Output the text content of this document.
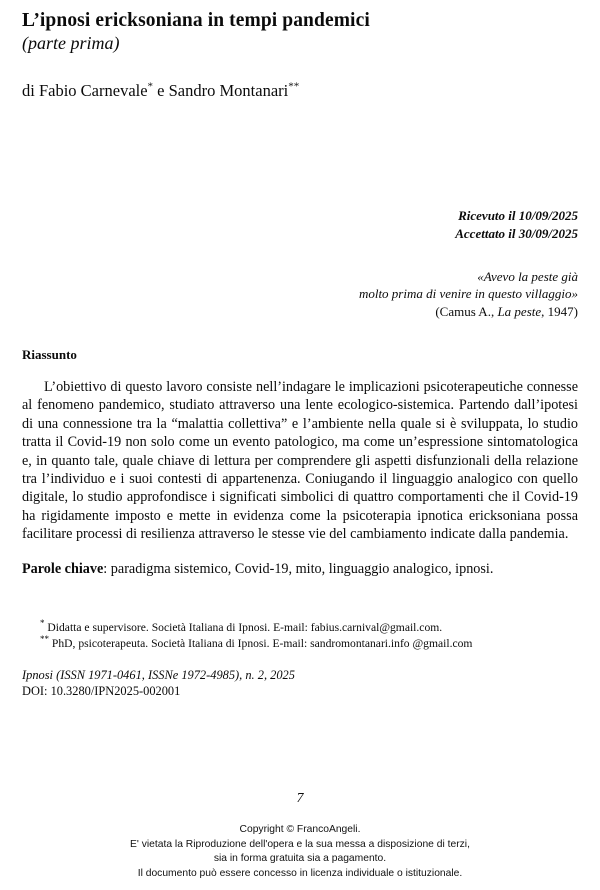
L’ipnosi ericksoniana in tempi pandemici
(parte prima)
di Fabio Carnevale* e Sandro Montanari**
Ricevuto il 10/09/2025
Accettato il 30/09/2025
«Avevo la peste già
molto prima di venire in questo villaggio»
(Camus A., La peste, 1947)
Riassunto

L’obiettivo di questo lavoro consiste nell’indagare le implicazioni psicoterapeutiche connesse al fenomeno pandemico, studiato attraverso una lente ecologico-sistemica. Partendo dall’ipotesi di una connessione tra la “malattia collettiva” e l’ambiente nella quale si è sviluppata, lo studio tratta il Covid-19 non solo come un evento patologico, ma come un’espressione sintomatologica e, in quanto tale, quale chiave di lettura per comprendere gli aspetti disfunzionali della relazione tra l’individuo e i suoi contesti di appartenenza. Coniugando il linguaggio analogico con quello digitale, lo studio approfondisce i significati simbolici di quattro comportamenti che il Covid-19 ha rigidamente imposto e mette in evidenza come la psicoterapia ipnotica ericksoniana possa facilitare processi di resilienza attraverso le stesse vie del cambiamento indicate dalla pandemia.

Parole chiave: paradigma sistemico, Covid-19, mito, linguaggio analogico, ipnosi.

* Didatta e supervisore. Società Italiana di Ipnosi. E-mail: fabius.carnival@gmail.com.

** PhD, psicoterapeuta. Società Italiana di Ipnosi. E-mail: sandromontanari.info @gmail.com

Ipnosi (ISSN 1971-0461, ISSNe 1972-4985), n. 2, 2025
DOI: 10.3280/IPN2025-002001
7
Copyright © FrancoAngeli.
E' vietata la Riproduzione dell'opera e la sua messa a disposizione di terzi,
sia in forma gratuita sia a pagamento.
Il documento può essere concesso in licenza individuale o istituzionale.
